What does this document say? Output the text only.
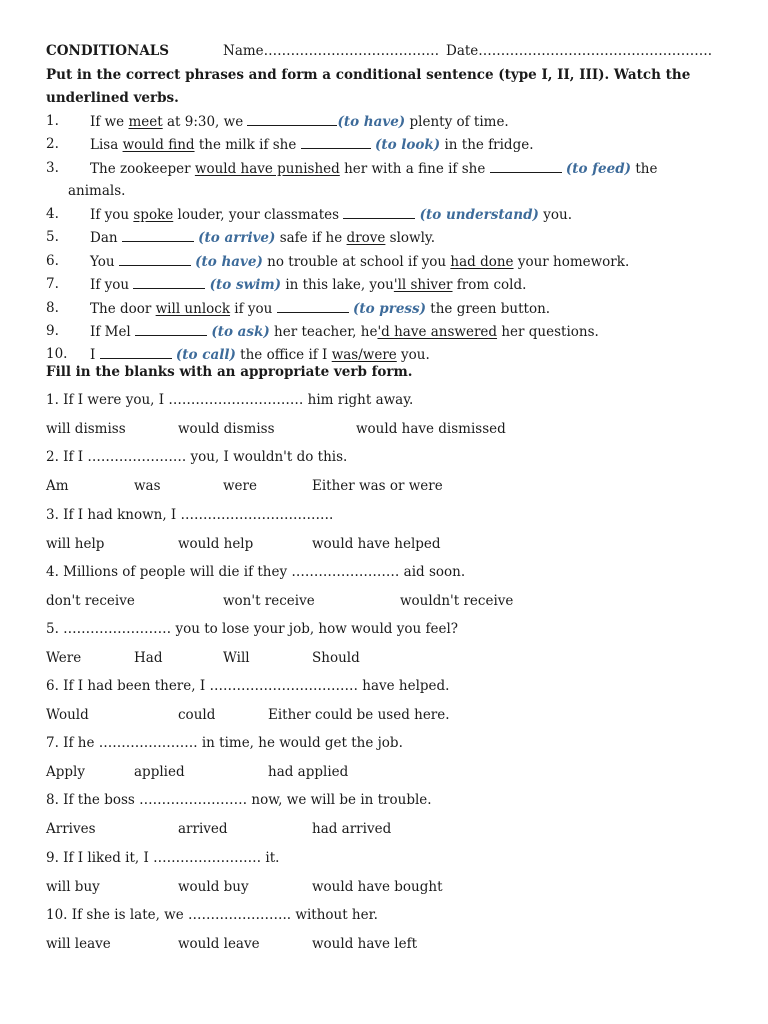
CONDITIONALS	Name………………………………… Date…………………………………………….
Put in the correct phrases and form a conditional sentence (type I, II, III). Watch the
underlined verbs.
1. If we meet at 9:30, we	(to have) plenty of time.
2. Lisa would find the milk if she	(to look) in the fridge.
3. The zookeeper would have punished her with a fine if she	(to feed) the
animals.
4. If you spoke louder, your classmates	(to understand) you.
5. Dan	(to arrive) safe if he drove slowly.
6. You	(to have) no trouble at school if you had done your homework.
7. If you	(to swim) in this lake, you'll shiver from cold.
8. The door will unlock if you	(to press) the green button.
9. If Mel	(to ask) her teacher, he'd have answered her questions.
10. I	(to call) the office if I was/were you.
Fill in the blanks with an appropriate verb form.
1. If I were you, I ………………………… him right away.
will dismiss	would dismiss	would have dismissed
2. If I …………………. you, I wouldn't do this.
Am	was	were	Either was or were
3. If I had known, I …………………………….
will help	would help	would have helped
4. Millions of people will die if they …………………… aid soon.
don't receive	won't receive	wouldn't receive
5. …………………… you to lose your job, how would you feel?
Were	Had	Will	Should
6. If I had been there, I …………………………… have helped.
Would	could	Either could be used here.
7. If he …………………. in time, he would get the job.
Apply	applied	had applied
8. If the boss …………………… now, we will be in trouble.
Arrives	arrived	had arrived
9. If I liked it, I …………………… it.
will buy	would buy	would have bought
10. If she is late, we ………………….. without her.
will leave	would leave	would have left
